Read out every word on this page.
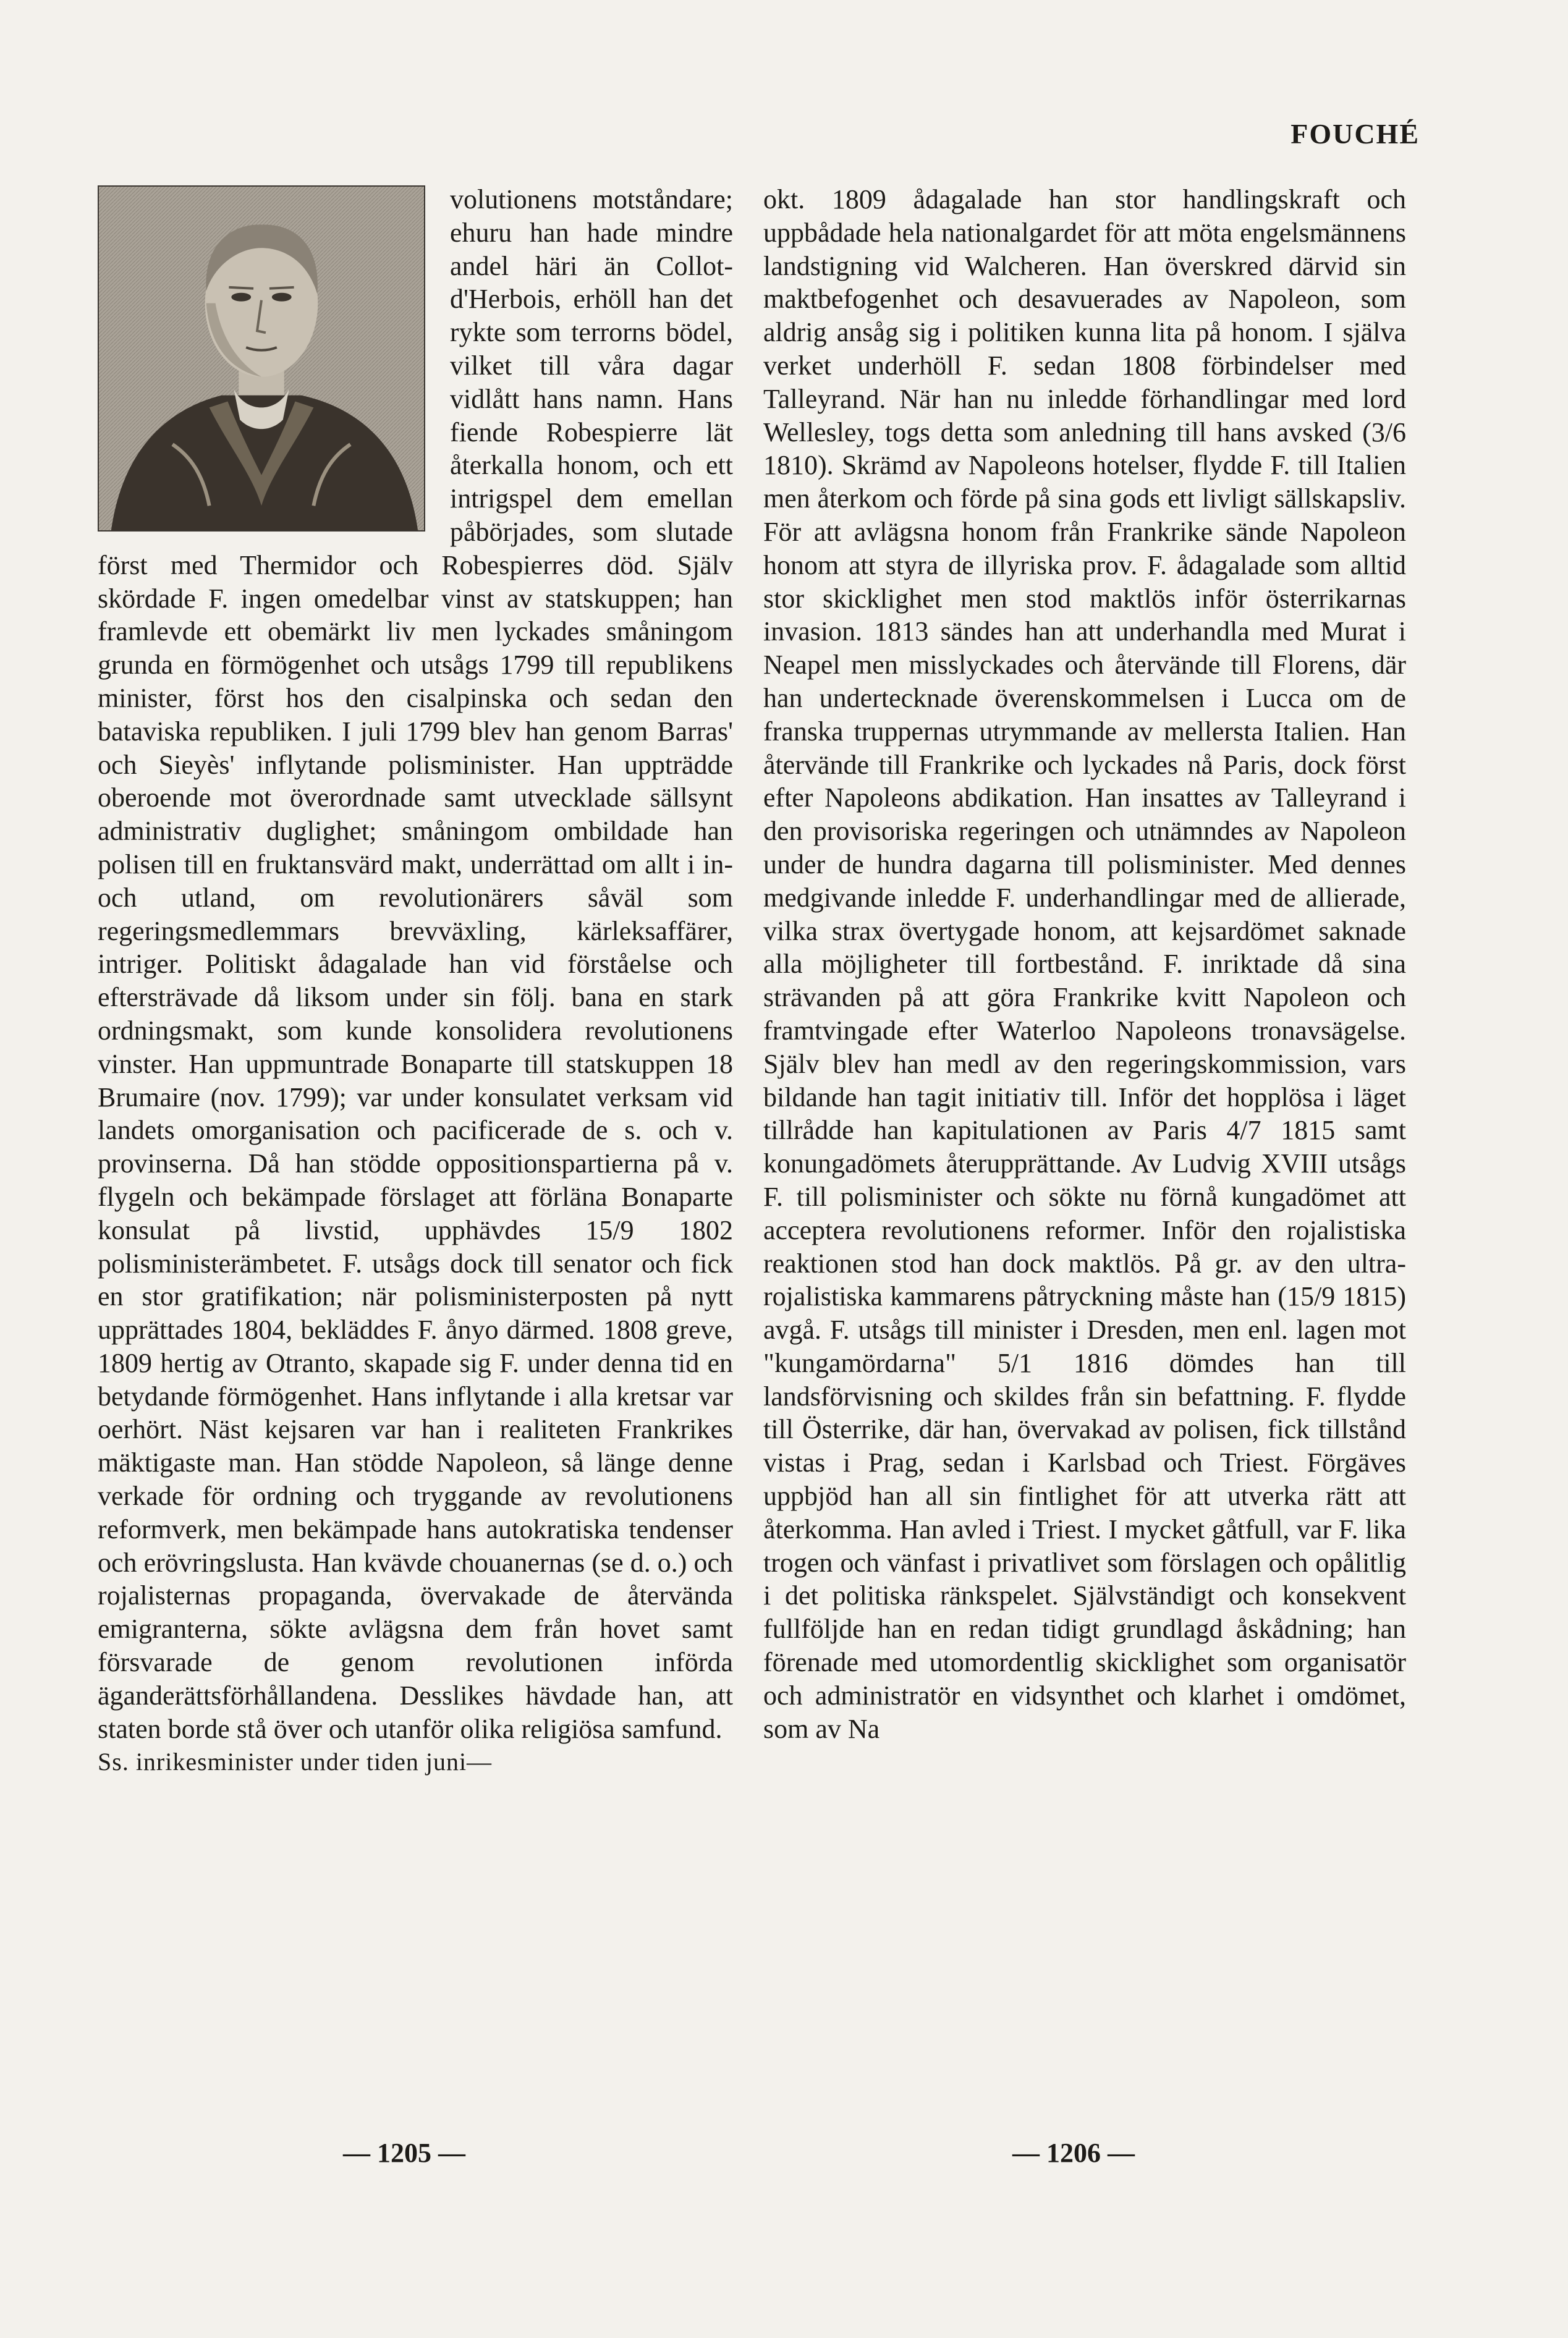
FOUCHÉ

volutionens motståndare; ehuru han hade mindre andel häri än Collot-d'Herbois, erhöll han det rykte som terrorns bödel, vilket till våra dagar vidlått hans namn. Hans fiende Robespierre lät återkalla honom, och ett intrigspel dem emellan påbörjades, som slutade först med Thermidor och Robespierres död. Själv skördade F. ingen omedelbar vinst av statskuppen; han framlevde ett obemärkt liv men lyckades småningom grunda en förmögenhet och utsågs 1799 till republikens minister, först hos den cisalpinska och sedan den bataviska republiken. I juli 1799 blev han genom Barras' och Sieyès' inflytande polisminister. Han uppträdde oberoende mot överordnade samt utvecklade sällsynt administrativ duglighet; småningom ombildade han polisen till en fruktansvärd makt, underrättad om allt i in- och utland, om revolutionärers såväl som regeringsmedlemmars brevväxling, kärleksaffärer, intriger. Politiskt ådagalade han vid förståelse och eftersträvade då liksom under sin följ. bana en stark ordningsmakt, som kunde konsolidera revolutionens vinster. Han uppmuntrade Bonaparte till statskuppen 18 Brumaire (nov. 1799); var under konsulatet verksam vid landets omorganisation och pacificerade de s. och v. provinserna. Då han stödde oppositionspartierna på v. flygeln och bekämpade förslaget att förläna Bonaparte konsulat på livstid, upphävdes 15/9 1802 polisministerämbetet. F. utsågs dock till senator och fick en stor gratifikation; när polisministerposten på nytt upprättades 1804, bekläddes F. ånyo därmed. 1808 greve, 1809 hertig av Otranto, skapade sig F. under denna tid en betydande förmögenhet. Hans inflytande i alla kretsar var oerhört. Näst kejsaren var han i realiteten Frankrikes mäktigaste man. Han stödde Napoleon, så länge denne verkade för ordning och tryggande av revolutionens reformverk, men bekämpade hans autokratiska tendenser och erövringslusta. Han kvävde chouanernas (se d. o.) och rojalisternas propaganda, övervakade de återvända emigranterna, sökte avlägsna dem från hovet samt försvarade de genom revolutionen införda äganderättsförhållandena. Desslikes hävdade han, att staten borde stå över och utanför olika religiösa samfund.

Ss. inrikesminister under tiden juni—

okt. 1809 ådagalade han stor handlingskraft och uppbådade hela nationalgardet för att möta engelsmännens landstigning vid Walcheren. Han överskred därvid sin maktbefogenhet och desavuerades av Napoleon, som aldrig ansåg sig i politiken kunna lita på honom. I själva verket underhöll F. sedan 1808 förbindelser med Talleyrand. När han nu inledde förhandlingar med lord Wellesley, togs detta som anledning till hans avsked (3/6 1810). Skrämd av Napoleons hotelser, flydde F. till Italien men återkom och förde på sina gods ett livligt sällskapsliv. För att avlägsna honom från Frankrike sände Napoleon honom att styra de illyriska prov. F. ådagalade som alltid stor skicklighet men stod maktlös inför österrikarnas invasion. 1813 sändes han att underhandla med Murat i Neapel men misslyckades och återvände till Florens, där han undertecknade överenskommelsen i Lucca om de franska truppernas utrymmande av mellersta Italien. Han återvände till Frankrike och lyckades nå Paris, dock först efter Napoleons abdikation. Han insattes av Talleyrand i den provisoriska regeringen och utnämndes av Napoleon under de hundra dagarna till polisminister. Med dennes medgivande inledde F. underhandlingar med de allierade, vilka strax övertygade honom, att kejsardömet saknade alla möjligheter till fortbestånd. F. inriktade då sina strävanden på att göra Frankrike kvitt Napoleon och framtvingade efter Waterloo Napoleons tronavsägelse. Själv blev han medl av den regeringskommission, vars bildande han tagit initiativ till. Inför det hopplösa i läget tillrådde han kapitulationen av Paris 4/7 1815 samt konungadömets återupprättande. Av Ludvig XVIII utsågs F. till polisminister och sökte nu förnå kungadömet att acceptera revolutionens reformer. Inför den rojalistiska reaktionen stod han dock maktlös. På gr. av den ultra-rojalistiska kammarens påtryckning måste han (15/9 1815) avgå. F. utsågs till minister i Dresden, men enl. lagen mot "kungamördarna" 5/1 1816 dömdes han till landsförvisning och skildes från sin befattning. F. flydde till Österrike, där han, övervakad av polisen, fick tillstånd vistas i Prag, sedan i Karlsbad och Triest. Förgäves uppbjöd han all sin fintlighet för att utverka rätt att återkomma. Han avled i Triest. I mycket gåtfull, var F. lika trogen och vänfast i privatlivet som förslagen och opålitlig i det politiska ränkspelet. Självständigt och konsekvent fullföljde han en redan tidigt grundlagd åskådning; han förenade med utomordentlig skicklighet som organisatör och administratör en vidsynthet och klarhet i omdömet, som av Na

— 1205 —	— 1206 —
